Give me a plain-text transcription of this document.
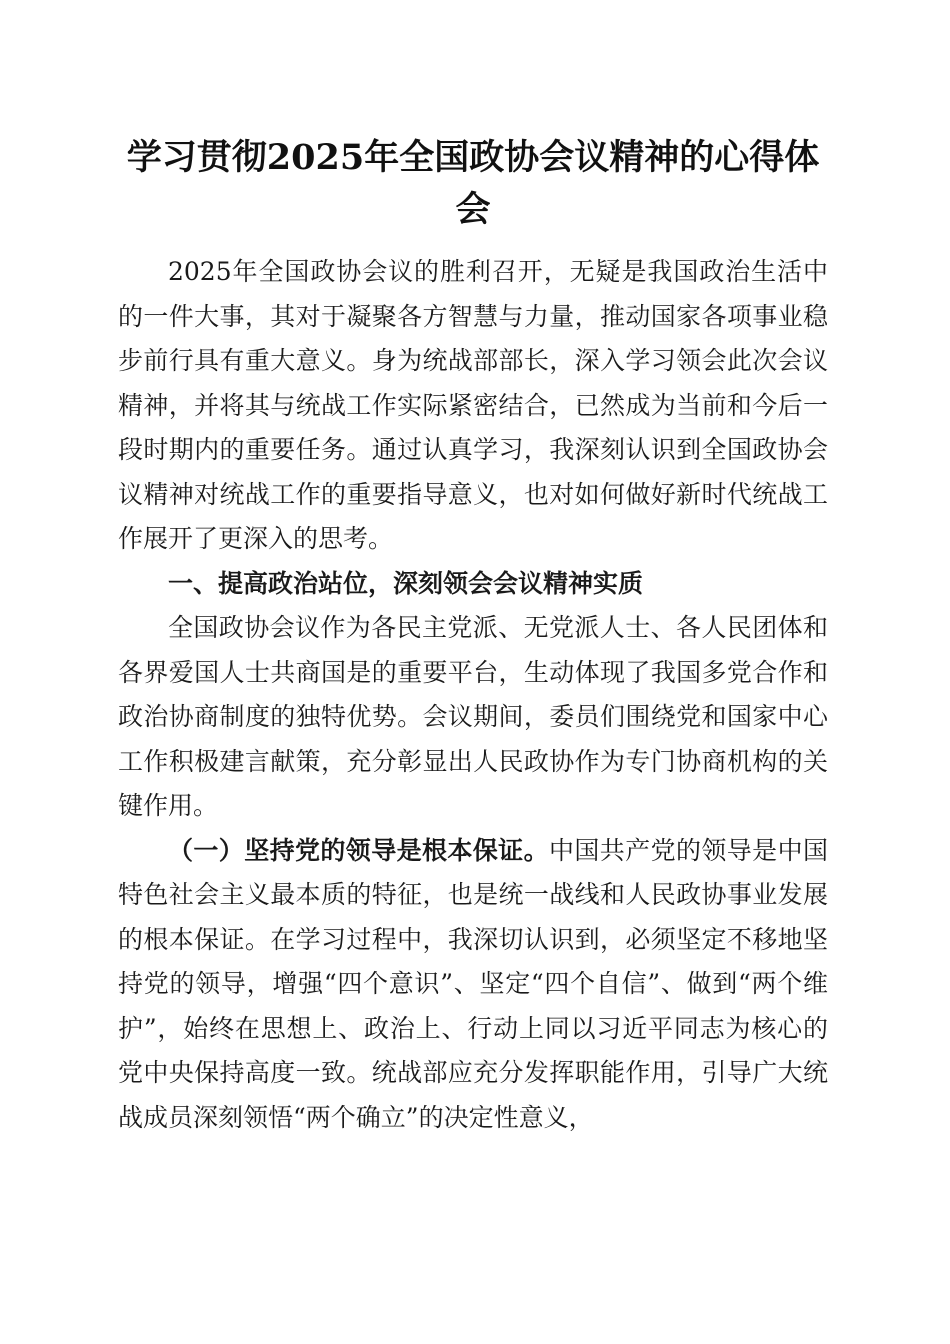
学习贯彻2025年全国政协会议精神的心得体会

2025年全国政协会议的胜利召开，无疑是我国政治生活中的一件大事，其对于凝聚各方智慧与力量，推动国家各项事业稳步前行具有重大意义。身为统战部部长，深入学习领会此次会议精神，并将其与统战工作实际紧密结合，已然成为当前和今后一段时期内的重要任务。通过认真学习，我深刻认识到全国政协会议精神对统战工作的重要指导意义，也对如何做好新时代统战工作展开了更深入的思考。

一、提高政治站位，深刻领会会议精神实质

全国政协会议作为各民主党派、无党派人士、各人民团体和各界爱国人士共商国是的重要平台，生动体现了我国多党合作和政治协商制度的独特优势。会议期间，委员们围绕党和国家中心工作积极建言献策，充分彰显出人民政协作为专门协商机构的关键作用。

（一）坚持党的领导是根本保证。中国共产党的领导是中国特色社会主义最本质的特征，也是统一战线和人民政协事业发展的根本保证。在学习过程中，我深切认识到，必须坚定不移地坚持党的领导，增强“四个意识”、坚定“四个自信”、做到“两个维护”，始终在思想上、政治上、行动上同以习近平同志为核心的党中央保持高度一致。统战部应充分发挥职能作用，引导广大统战成员深刻领悟“两个确立”的决定性意义，
